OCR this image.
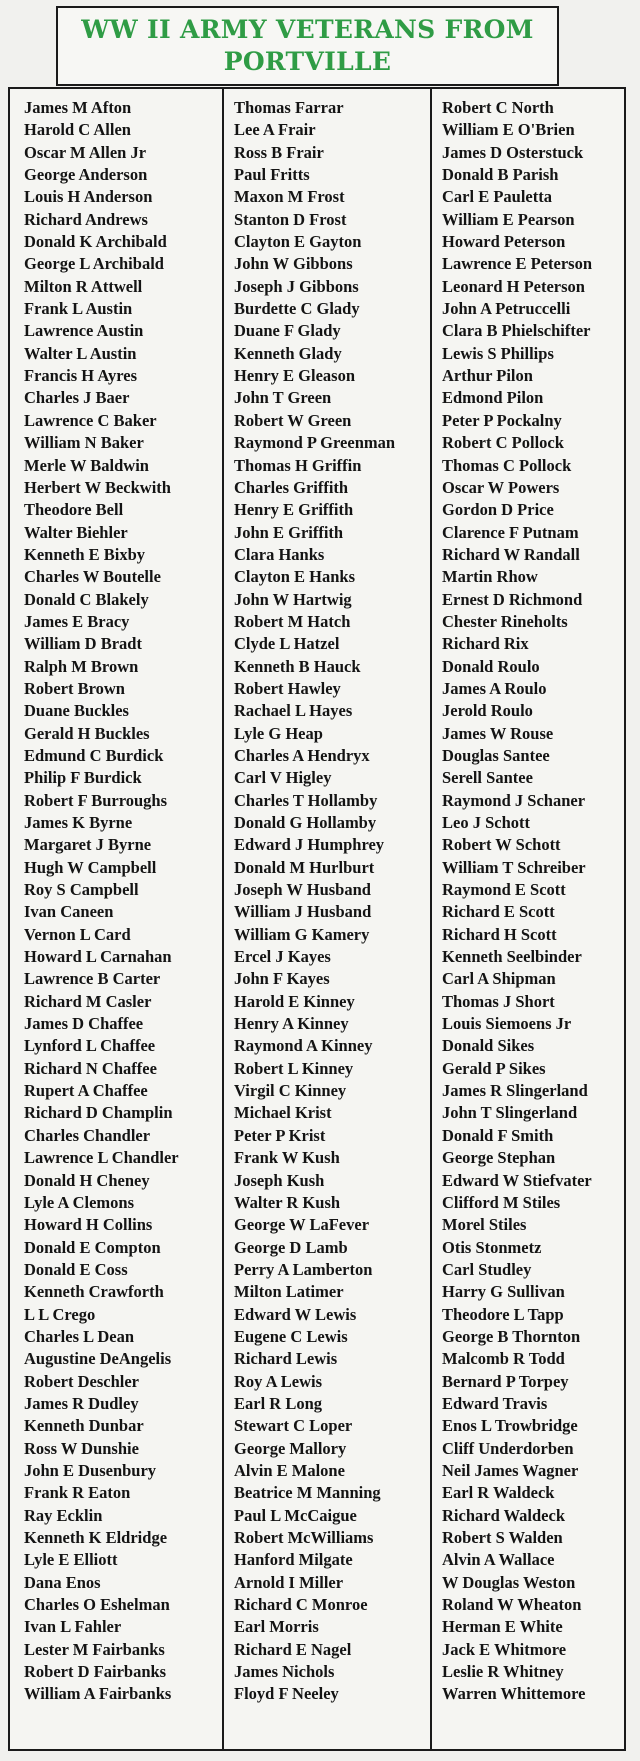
WW II ARMY VETERANS FROM
PORTVILLE
James M Afton
Harold C Allen
Oscar M Allen Jr
George Anderson
Louis H Anderson
Richard Andrews
Donald K Archibald
George L Archibald
Milton R Attwell
Frank L Austin
Lawrence Austin
Walter L Austin
Francis H Ayres
Charles J Baer
Lawrence C Baker
William N Baker
Merle W Baldwin
Herbert W Beckwith
Theodore Bell
Walter Biehler
Kenneth E Bixby
Charles W Boutelle
Donald C Blakely
James E Bracy
William D Bradt
Ralph M Brown
Robert Brown
Duane Buckles
Gerald H Buckles
Edmund C Burdick
Philip F Burdick
Robert F Burroughs
James K Byrne
Margaret J Byrne
Hugh W Campbell
Roy S Campbell
Ivan Caneen
Vernon L Card
Howard L Carnahan
Lawrence B Carter
Richard M Casler
James D Chaffee
Lynford L Chaffee
Richard N Chaffee
Rupert A Chaffee
Richard D Champlin
Charles Chandler
Lawrence L Chandler
Donald H Cheney
Lyle A Clemons
Howard H Collins
Donald E Compton
Donald E Coss
Kenneth Crawforth
L L Crego
Charles L Dean
Augustine DeAngelis
Robert Deschler
James R Dudley
Kenneth Dunbar
Ross W Dunshie
John E Dusenbury
Frank R Eaton
Ray Ecklin
Kenneth K Eldridge
Lyle E Elliott
Dana Enos
Charles O Eshelman
Ivan L Fahler
Lester M Fairbanks
Robert D Fairbanks
William A Fairbanks
Thomas Farrar
Lee A Frair
Ross B Frair
Paul Fritts
Maxon M Frost
Stanton D Frost
Clayton E Gayton
John W Gibbons
Joseph J Gibbons
Burdette C Glady
Duane F Glady
Kenneth Glady
Henry E Gleason
John T Green
Robert W Green
Raymond P Greenman
Thomas H Griffin
Charles Griffith
Henry E Griffith
John E Griffith
Clara Hanks
Clayton E Hanks
John W Hartwig
Robert M Hatch
Clyde L Hatzel
Kenneth B Hauck
Robert Hawley
Rachael L Hayes
Lyle G Heap
Charles A Hendryx
Carl V Higley
Charles T Hollamby
Donald G Hollamby
Edward J Humphrey
Donald M Hurlburt
Joseph W Husband
William J Husband
William G Kamery
Ercel J Kayes
John F Kayes
Harold E Kinney
Henry A Kinney
Raymond A Kinney
Robert L Kinney
Virgil C Kinney
Michael Krist
Peter P Krist
Frank W Kush
Joseph Kush
Walter R Kush
George W LaFever
George D Lamb
Perry A Lamberton
Milton Latimer
Edward W Lewis
Eugene C Lewis
Richard Lewis
Roy A Lewis
Earl R Long
Stewart C Loper
George Mallory
Alvin E Malone
Beatrice M Manning
Paul L McCaigue
Robert McWilliams
Hanford Milgate
Arnold I Miller
Richard C Monroe
Earl Morris
Richard E Nagel
James Nichols
Floyd F Neeley
Robert C North
William E O'Brien
James D Osterstuck
Donald B Parish
Carl E Pauletta
William E Pearson
Howard Peterson
Lawrence E Peterson
Leonard H Peterson
John A Petruccelli
Clara B Phielschifter
Lewis S Phillips
Arthur Pilon
Edmond Pilon
Peter P Pockalny
Robert C Pollock
Thomas C Pollock
Oscar W Powers
Gordon D Price
Clarence F Putnam
Richard W Randall
Martin Rhow
Ernest D Richmond
Chester Rineholts
Richard Rix
Donald Roulo
James A Roulo
Jerold Roulo
James W Rouse
Douglas Santee
Serell Santee
Raymond J Schaner
Leo J Schott
Robert W Schott
William T Schreiber
Raymond E Scott
Richard E Scott
Richard H Scott
Kenneth Seelbinder
Carl A Shipman
Thomas J Short
Louis Siemoens Jr
Donald Sikes
Gerald P Sikes
James R Slingerland
John T Slingerland
Donald F Smith
George Stephan
Edward W Stiefvater
Clifford M Stiles
Morel Stiles
Otis Stonmetz
Carl Studley
Harry G Sullivan
Theodore L Tapp
George B Thornton
Malcomb R Todd
Bernard P Torpey
Edward Travis
Enos L Trowbridge
Cliff Underdorben
Neil James Wagner
Earl R Waldeck
Richard Waldeck
Robert S Walden
Alvin A Wallace
W Douglas Weston
Roland W Wheaton
Herman E White
Jack E Whitmore
Leslie R Whitney
Warren Whittemore
